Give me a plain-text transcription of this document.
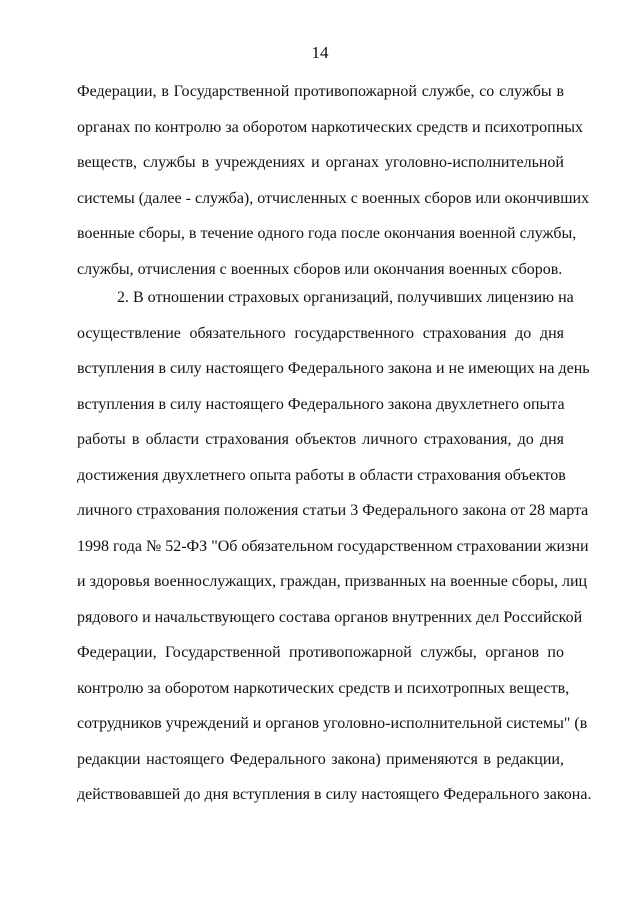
14
Федерации, в Государственной противопожарной службе, со службы в
органах по контролю за оборотом наркотических средств и психотропных
веществ, службы в учреждениях и органах уголовно-исполнительной
системы (далее - служба), отчисленных с военных сборов или окончивших
военные сборы, в течение одного года после окончания военной службы,
службы, отчисления с военных сборов или окончания военных сборов.
2. В отношении страховых организаций, получивших лицензию на
осуществление обязательного государственного страхования до дня
вступления в силу настоящего Федерального закона и не имеющих на день
вступления в силу настоящего Федерального закона двухлетнего опыта
работы в области страхования объектов личного страхования, до дня
достижения двухлетнего опыта работы в области страхования объектов
личного страхования положения статьи 3 Федерального закона от 28 марта
1998 года № 52-ФЗ "Об обязательном государственном страховании жизни
и здоровья военнослужащих, граждан, призванных на военные сборы, лиц
рядового и начальствующего состава органов внутренних дел Российской
Федерации, Государственной противопожарной службы, органов по
контролю за оборотом наркотических средств и психотропных веществ,
сотрудников учреждений и органов уголовно-исполнительной системы" (в
редакции настоящего Федерального закона) применяются в редакции,
действовавшей до дня вступления в силу настоящего Федерального закона.
